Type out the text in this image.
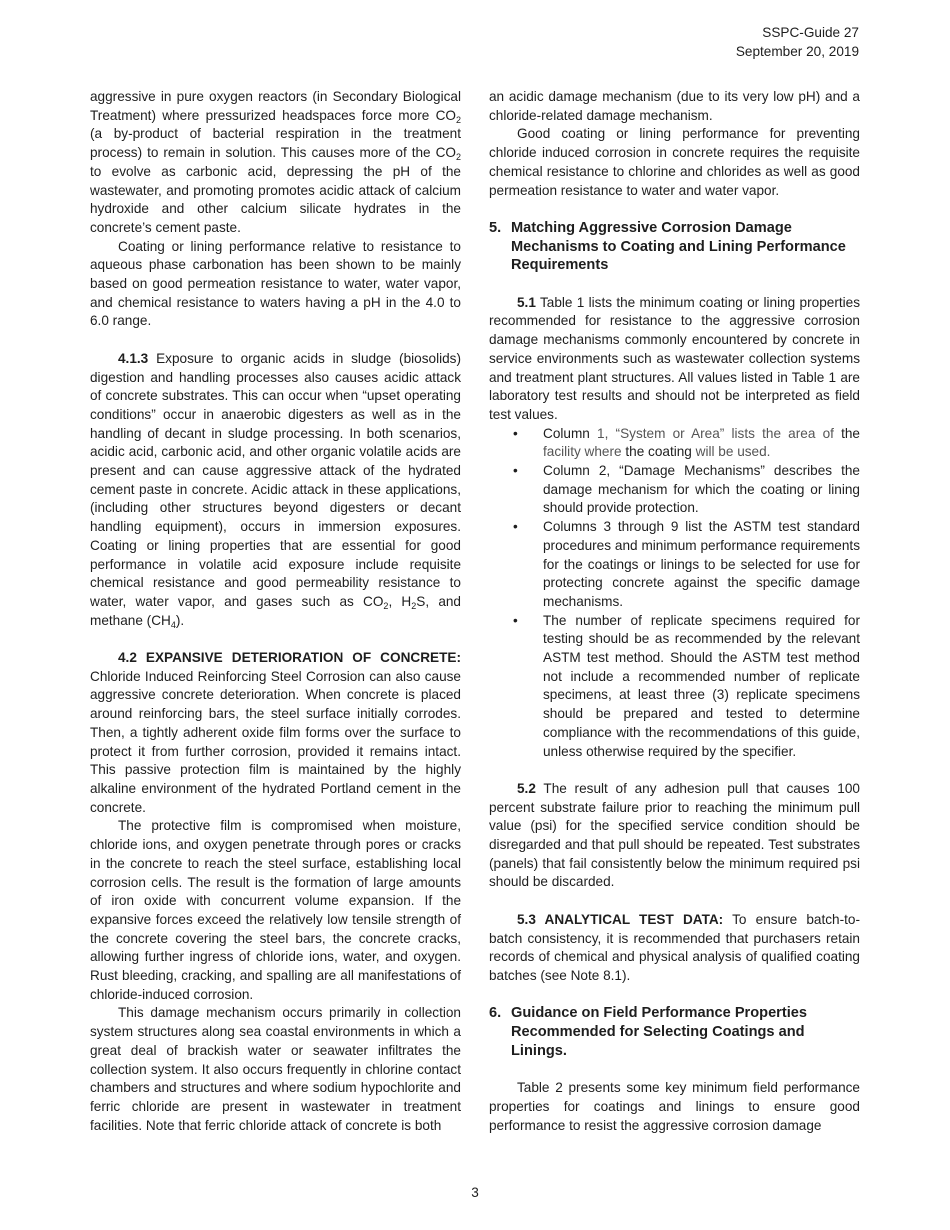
SSPC-Guide 27
September 20, 2019

aggressive in pure oxygen reactors (in Secondary Biological Treatment) where pressurized headspaces force more $CO_2$ (a by-product of bacterial respiration in the treatment process) to remain in solution. This causes more of the $CO_2$ to evolve as carbonic acid, depressing the pH of the wastewater, and promoting promotes acidic attack of calcium hydroxide and other calcium silicate hydrates in the concrete’s cement paste.

Coating or lining performance relative to resistance to aqueous phase carbonation has been shown to be mainly based on good permeation resistance to water, water vapor, and chemical resistance to waters having a pH in the 4.0 to 6.0 range.

4.1.3 Exposure to organic acids in sludge (biosolids) digestion and handling processes also causes acidic attack of concrete substrates. This can occur when “upset operating conditions” occur in anaerobic digesters as well as in the handling of decant in sludge processing. In both scenarios, acidic acid, carbonic acid, and other organic volatile acids are present and can cause aggressive attack of the hydrated cement paste in concrete. Acidic attack in these applications, (including other structures beyond digesters or decant handling equipment), occurs in immersion exposures. Coating or lining properties that are essential for good performance in volatile acid exposure include requisite chemical resistance and good permeability resistance to water, water vapor, and gases such as $CO_2$, $H_2S$, and methane $(CH_4)$.

4.2 EXPANSIVE DETERIORATION OF CONCRETE: Chloride Induced Reinforcing Steel Corrosion can also cause aggressive concrete deterioration. When concrete is placed around reinforcing bars, the steel surface initially corrodes. Then, a tightly adherent oxide film forms over the surface to protect it from further corrosion, provided it remains intact. This passive protection film is maintained by the highly alkaline environment of the hydrated Portland cement in the concrete.

The protective film is compromised when moisture, chloride ions, and oxygen penetrate through pores or cracks in the concrete to reach the steel surface, establishing local corrosion cells. The result is the formation of large amounts of iron oxide with concurrent volume expansion. If the expansive forces exceed the relatively low tensile strength of the concrete covering the steel bars, the concrete cracks, allowing further ingress of chloride ions, water, and oxygen. Rust bleeding, cracking, and spalling are all manifestations of chloride-induced corrosion.

This damage mechanism occurs primarily in collection system structures along sea coastal environments in which a great deal of brackish water or seawater infiltrates the collection system. It also occurs frequently in chlorine contact chambers and structures and where sodium hypochlorite and ferric chloride are present in wastewater in treatment facilities. Note that ferric chloride attack of concrete is both

an acidic damage mechanism (due to its very low pH) and a chloride-related damage mechanism.

Good coating or lining performance for preventing chloride induced corrosion in concrete requires the requisite chemical resistance to chlorine and chlorides as well as good permeation resistance to water and water vapor.

5. Matching Aggressive Corrosion Damage Mechanisms to Coating and Lining Performance Requirements

5.1 Table 1 lists the minimum coating or lining properties recommended for resistance to the aggressive corrosion damage mechanisms commonly encountered by concrete in service environments such as wastewater collection systems and treatment plant structures. All values listed in Table 1 are laboratory test results and should not be interpreted as field test values.

• Column 1, “System or Area” lists the area of the facility where the coating will be used.
• Column 2, “Damage Mechanisms” describes the damage mechanism for which the coating or lining should provide protection.
• Columns 3 through 9 list the ASTM test standard procedures and minimum performance requirements for the coatings or linings to be selected for use for protecting concrete against the specific damage mechanisms.
• The number of replicate specimens required for testing should be as recommended by the relevant ASTM test method. Should the ASTM test method not include a recommended number of replicate specimens, at least three (3) replicate specimens should be prepared and tested to determine compliance with the recommendations of this guide, unless otherwise required by the specifier.

5.2 The result of any adhesion pull that causes 100 percent substrate failure prior to reaching the minimum pull value (psi) for the specified service condition should be disregarded and that pull should be repeated. Test substrates (panels) that fail consistently below the minimum required psi should be discarded.

5.3 ANALYTICAL TEST DATA: To ensure batch-to-batch consistency, it is recommended that purchasers retain records of chemical and physical analysis of qualified coating batches (see Note 8.1).

6. Guidance on Field Performance Properties Recommended for Selecting Coatings and Linings.

Table 2 presents some key minimum field performance properties for coatings and linings to ensure good performance to resist the aggressive corrosion damage

3
